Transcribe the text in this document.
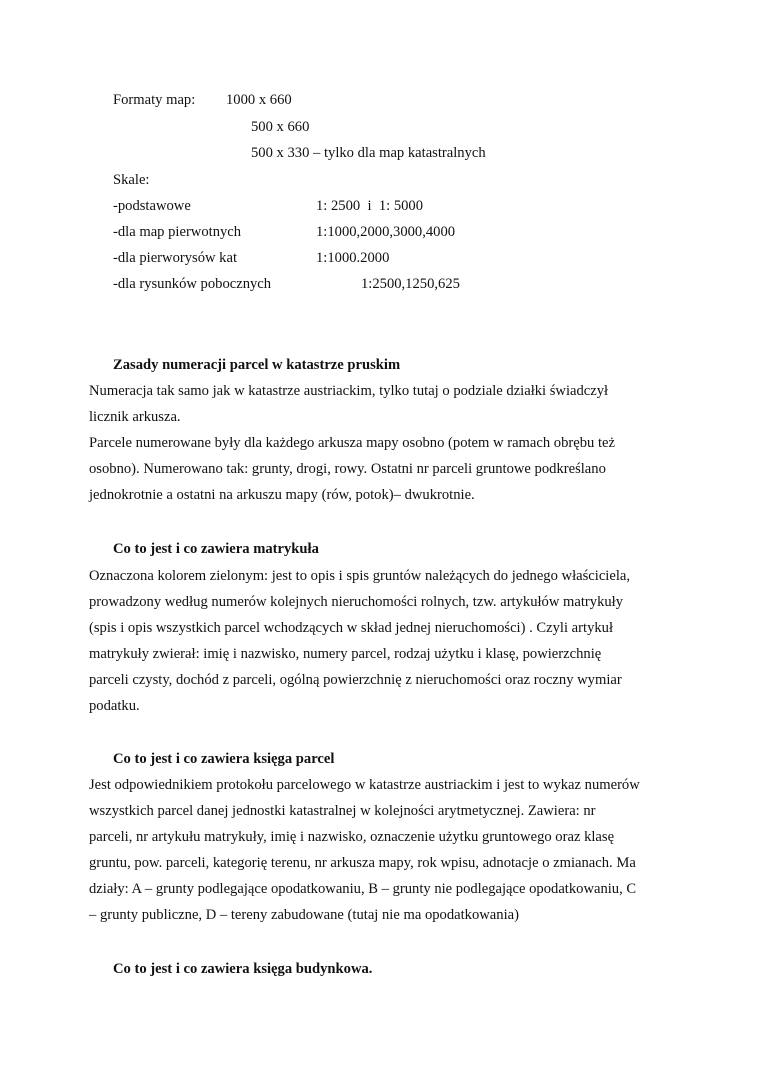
Formaty map: 1000 x 660
500 x 660
500 x 330 – tylko dla map katastralnych
Skale:
-podstawowe	1: 2500  i  1: 5000
-dla map pierwotnych	1:1000,2000,3000,4000
-dla pierworysów kat	1:1000.2000
-dla rysunków pobocznych	1:2500,1250,625
Zasady numeracji parcel w katastrze pruskim
Numeracja tak samo jak w katastrze austriackim, tylko tutaj o podziale działki świadczył
licznik arkusza.
Parcele numerowane były dla każdego arkusza mapy osobno (potem w ramach obrębu też
osobno). Numerowano tak: grunty, drogi, rowy. Ostatni nr parceli gruntowe podkreślano
jednokrotnie a ostatni na arkuszu mapy (rów, potok)– dwukrotnie.
Co to jest i co zawiera matrykuła
Oznaczona kolorem zielonym: jest to opis i spis gruntów należących do jednego właściciela,
prowadzony według numerów kolejnych nieruchomości rolnych, tzw. artykułów matrykuły
(spis i opis wszystkich parcel wchodzących w skład jednej nieruchomości) . Czyli artykuł
matrykuły zwierał: imię i nazwisko, numery parcel, rodzaj użytku i klasę, powierzchnię
parceli czysty, dochód z parceli, ogólną powierzchnię z nieruchomości oraz roczny wymiar
podatku.
Co to jest i co zawiera księga parcel
Jest odpowiednikiem protokołu parcelowego w katastrze austriackim i jest to wykaz numerów
wszystkich parcel danej jednostki katastralnej w kolejności arytmetycznej. Zawiera: nr
parceli, nr artykułu matrykuły, imię i nazwisko, oznaczenie użytku gruntowego oraz klasę
gruntu, pow. parceli, kategorię terenu, nr arkusza mapy, rok wpisu, adnotacje o zmianach. Ma
działy: A – grunty podlegające opodatkowaniu, B – grunty nie podlegające opodatkowaniu, C
– grunty publiczne, D – tereny zabudowane (tutaj nie ma opodatkowania)
Co to jest i co zawiera księga budynkowa.
